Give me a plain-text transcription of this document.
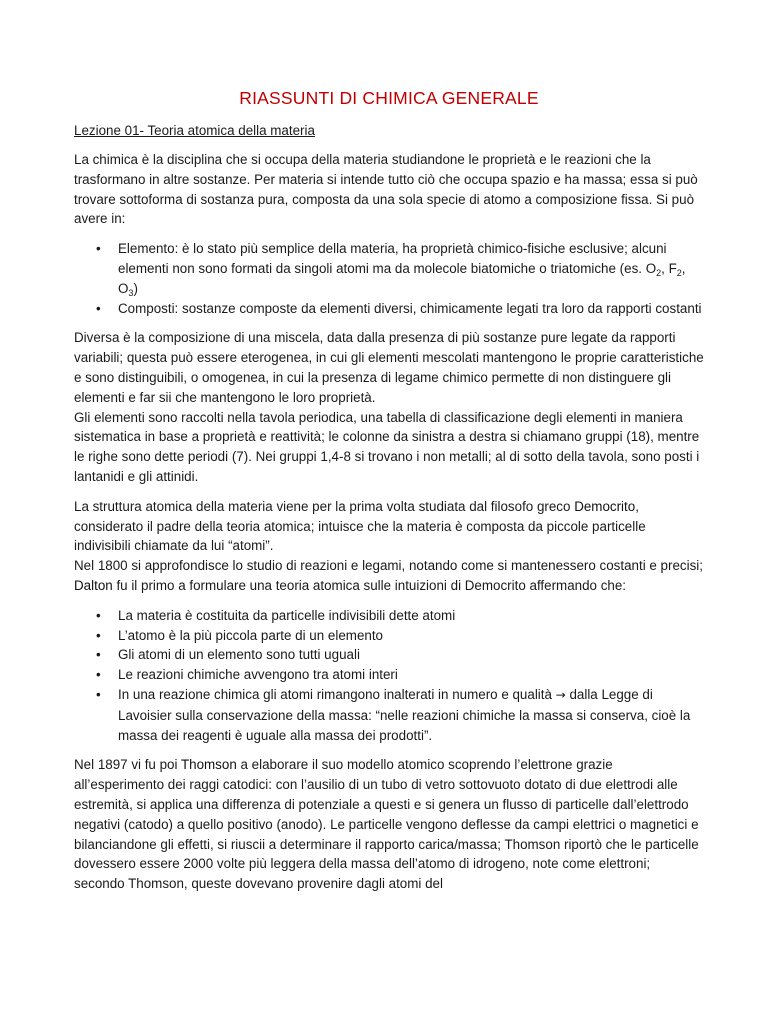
RIASSUNTI DI CHIMICA GENERALE
Lezione 01- Teoria atomica della materia

La chimica è la disciplina che si occupa della materia studiandone le proprietà e le reazioni che la trasformano in altre sostanze. Per materia si intende tutto ciò che occupa spazio e ha massa; essa si può trovare sottoforma di sostanza pura, composta da una sola specie di atomo a composizione fissa. Si può avere in:

• Elemento: è lo stato più semplice della materia, ha proprietà chimico-fisiche esclusive; alcuni elementi non sono formati da singoli atomi ma da molecole biatomiche o triatomiche (es. $O_2$, $F_2$, $O_3$)
• Composti: sostanze composte da elementi diversi, chimicamente legati tra loro da rapporti costanti

Diversa è la composizione di una miscela, data dalla presenza di più sostanze pure legate da rapporti variabili; questa può essere eterogenea, in cui gli elementi mescolati mantengono le proprie caratteristiche e sono distinguibili, o omogenea, in cui la presenza di legame chimico permette di non distinguere gli elementi e far sii che mantengono le loro proprietà.

Gli elementi sono raccolti nella tavola periodica, una tabella di classificazione degli elementi in maniera sistematica in base a proprietà e reattività; le colonne da sinistra a destra si chiamano gruppi (18), mentre le righe sono dette periodi (7). Nei gruppi 1,4-8 si trovano i non metalli; al di sotto della tavola, sono posti i lantanidi e gli attinidi.

La struttura atomica della materia viene per la prima volta studiata dal filosofo greco Democrito, considerato il padre della teoria atomica; intuisce che la materia è composta da piccole particelle indivisibili chiamate da lui “atomi”.

Nel 1800 si approfondisce lo studio di reazioni e legami, notando come si mantenessero costanti e precisi; Dalton fu il primo a formulare una teoria atomica sulle intuizioni di Democrito affermando che:

• La materia è costituita da particelle indivisibili dette atomi
• L’atomo è la più piccola parte di un elemento
• Gli atomi di un elemento sono tutti uguali
• Le reazioni chimiche avvengono tra atomi interi
• In una reazione chimica gli atomi rimangono inalterati in numero e qualità → dalla Legge di Lavoisier sulla conservazione della massa: “nelle reazioni chimiche la massa si conserva, cioè la massa dei reagenti è uguale alla massa dei prodotti”.

Nel 1897 vi fu poi Thomson a elaborare il suo modello atomico scoprendo l’elettrone grazie all’esperimento dei raggi catodici: con l’ausilio di un tubo di vetro sottovuoto dotato di due elettrodi alle estremità, si applica una differenza di potenziale a questi e si genera un flusso di particelle dall’elettrodo negativi (catodo) a quello positivo (anodo). Le particelle vengono deflesse da campi elettrici o magnetici e bilanciandone gli effetti, si riuscii a determinare il rapporto carica/massa; Thomson riportò che le particelle dovessero essere 2000 volte più leggera della massa dell’atomo di idrogeno, note come elettroni; secondo Thomson, queste dovevano provenire dagli atomi del
